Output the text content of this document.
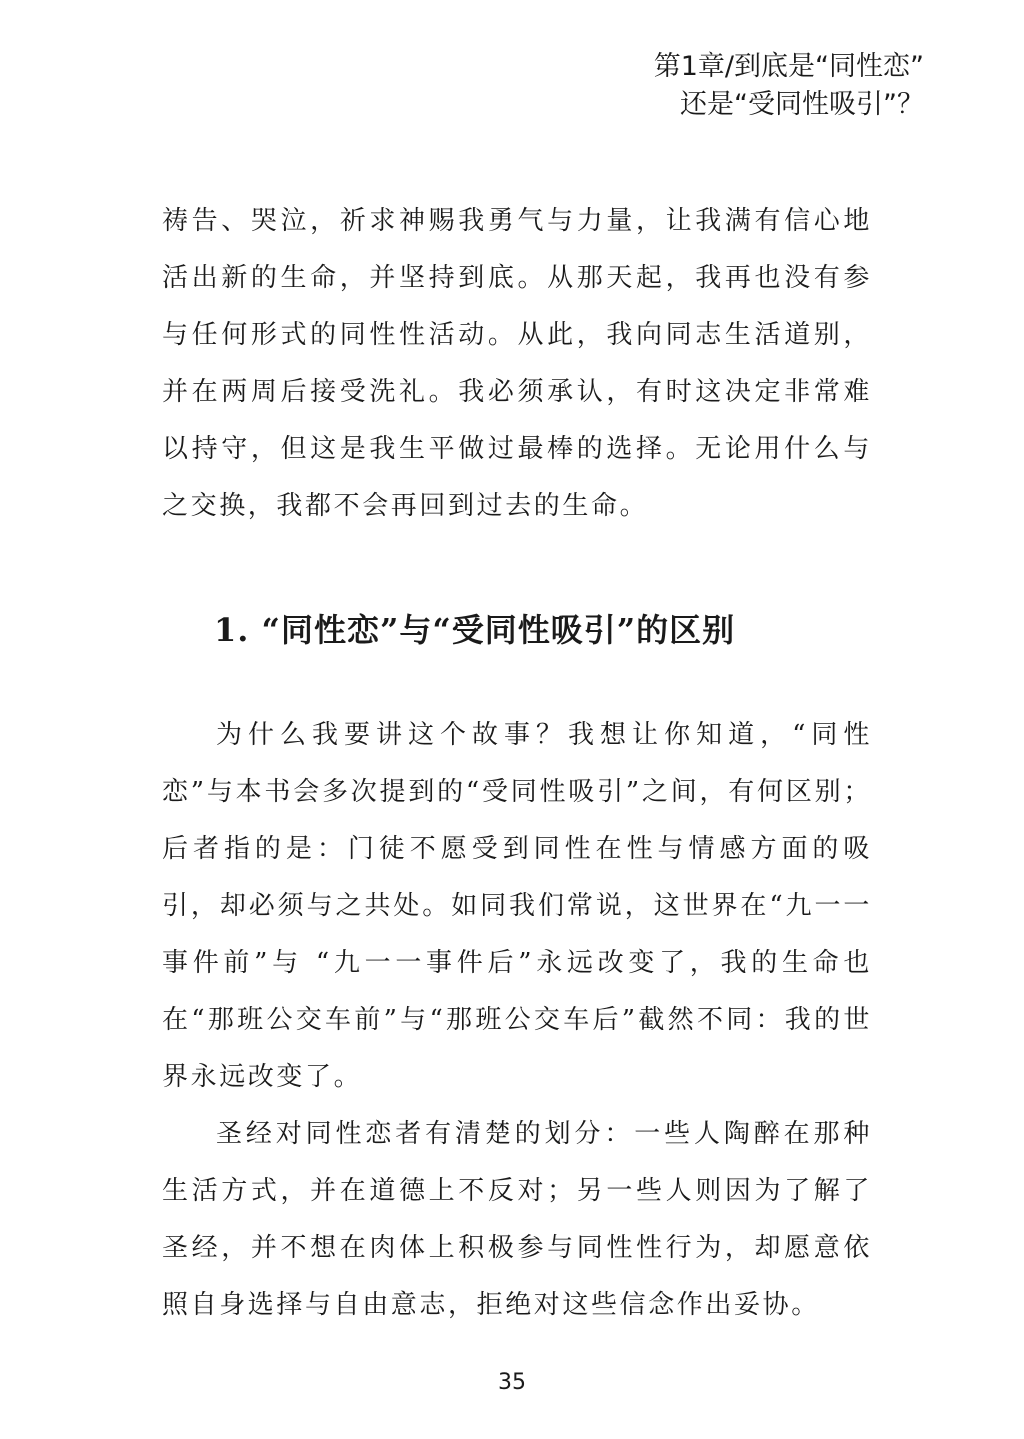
第1章/到底是“同性恋”
还是“受同性吸引”？

祷告、哭泣，祈求神赐我勇气与力量，让我满有信心地活出新的生命，并坚持到底。从那天起，我再也没有参与任何形式的同性性活动。从此，我向同志生活道别，并在两周后接受洗礼。我必须承认，有时这决定非常难以持守，但这是我生平做过最棒的选择。无论用什么与之交换，我都不会再回到过去的生命。

1. “同性恋”与“受同性吸引”的区别

为什么我要讲这个故事？我想让你知道，“同性恋”与本书会多次提到的“受同性吸引”之间，有何区别；后者指的是：门徒不愿受到同性在性与情感方面的吸引，却必须与之共处。如同我们常说，这世界在“九一一事件前”与 “九一一事件后”永远改变了，我的生命也在“那班公交车前”与“那班公交车后”截然不同：我的世界永远改变了。

圣经对同性恋者有清楚的划分：一些人陶醉在那种生活方式，并在道德上不反对；另一些人则因为了解了圣经，并不想在肉体上积极参与同性性行为，却愿意依照自身选择与自由意志，拒绝对这些信念作出妥协。

35
